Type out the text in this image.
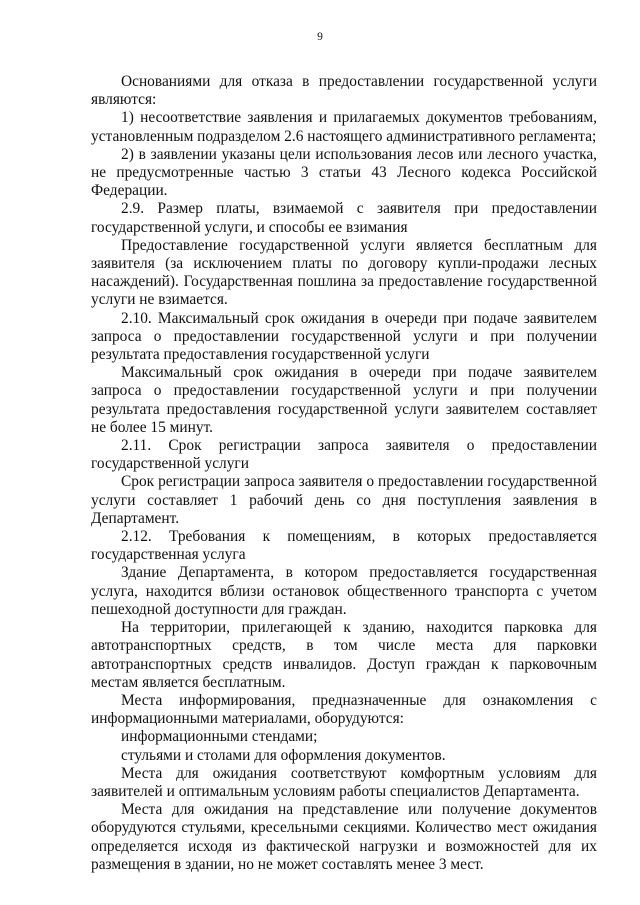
9

Основаниями для отказа в предоставлении государственной услуги являются:

1) несоответствие заявления и прилагаемых документов требованиям, установленным подразделом 2.6 настоящего административного регламента;

2) в заявлении указаны цели использования лесов или лесного участка, не предусмотренные частью 3 статьи 43 Лесного кодекса Российской Федерации.

2.9. Размер платы, взимаемой с заявителя при предоставлении государственной услуги, и способы ее взимания

Предоставление государственной услуги является бесплатным для заявителя (за исключением платы по договору купли-продажи лесных насаждений). Государственная пошлина за предоставление государственной услуги не взимается.

2.10. Максимальный срок ожидания в очереди при подаче заявителем запроса о предоставлении государственной услуги и при получении результата предоставления государственной услуги

Максимальный срок ожидания в очереди при подаче заявителем запроса о предоставлении государственной услуги и при получении результата предоставления государственной услуги заявителем составляет не более 15 минут.

2.11. Срок регистрации запроса заявителя о предоставлении государственной услуги

Срок регистрации запроса заявителя о предоставлении государственной услуги составляет 1 рабочий день со дня поступления заявления в Департамент.

2.12. Требования к помещениям, в которых предоставляется государственная услуга

Здание Департамента, в котором предоставляется государственная услуга, находится вблизи остановок общественного транспорта с учетом пешеходной доступности для граждан.

На территории, прилегающей к зданию, находится парковка для автотранспортных средств, в том числе места для парковки автотранспортных средств инвалидов. Доступ граждан к парковочным местам является бесплатным.

Места информирования, предназначенные для ознакомления с информационными материалами, оборудуются:

информационными стендами;

стульями и столами для оформления документов.

Места для ожидания соответствуют комфортным условиям для заявителей и оптимальным условиям работы специалистов Департамента.

Места для ожидания на представление или получение документов оборудуются стульями, кресельными секциями. Количество мест ожидания определяется исходя из фактической нагрузки и возможностей для их размещения в здании, но не может составлять менее 3 мест.
